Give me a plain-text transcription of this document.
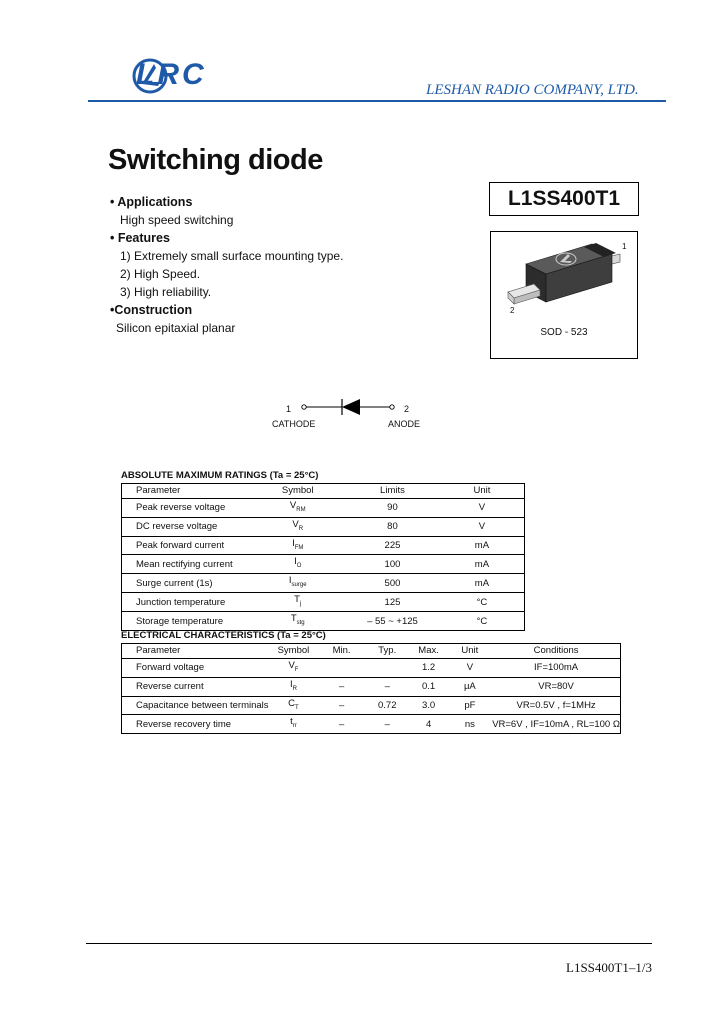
LRC	LESHAN RADIO COMPANY, LTD.
Switching diode
L1SS400T1
• Applications
High speed switching
• Features
1) Extremely small surface mounting type.
2) High Speed.
3) High reliability.
•Construction
Silicon epitaxial planar
1
2
SOD - 523
1	2
CATHODE	ANODE
ABSOLUTE MAXIMUM RATINGS (Ta = 25°C)
Parameter	Symbol	Limits	Unit
Peak reverse voltage	$V_{RM}$	90	V
DC reverse voltage	$V_R$	80	V
Peak forward current	$I_{FM}$	225	mA
Mean rectifying current	$I_O$	100	mA
Surge current (1s)	$I_{surge}$	500	mA
Junction temperature	$T_j$	125	°C
Storage temperature	$T_{stg}$	– 55 ~ +125	°C
ELECTRICAL CHARACTERISTICS (Ta = 25°C)
Parameter	Symbol	Min.	Typ.	Max.	Unit	Conditions
Forward voltage	$V_F$			1.2	V	IF=100mA
Reverse current	$I_R$	–	–	0.1	μA	VR=80V
Capacitance between terminals	$C_T$	–	0.72	3.0	pF	VR=0.5V , f=1MHz
Reverse recovery time	$t_{rr}$	–	–	4	ns	VR=6V , IF=10mA , RL=100 Ω
L1SS400T1–1/3
